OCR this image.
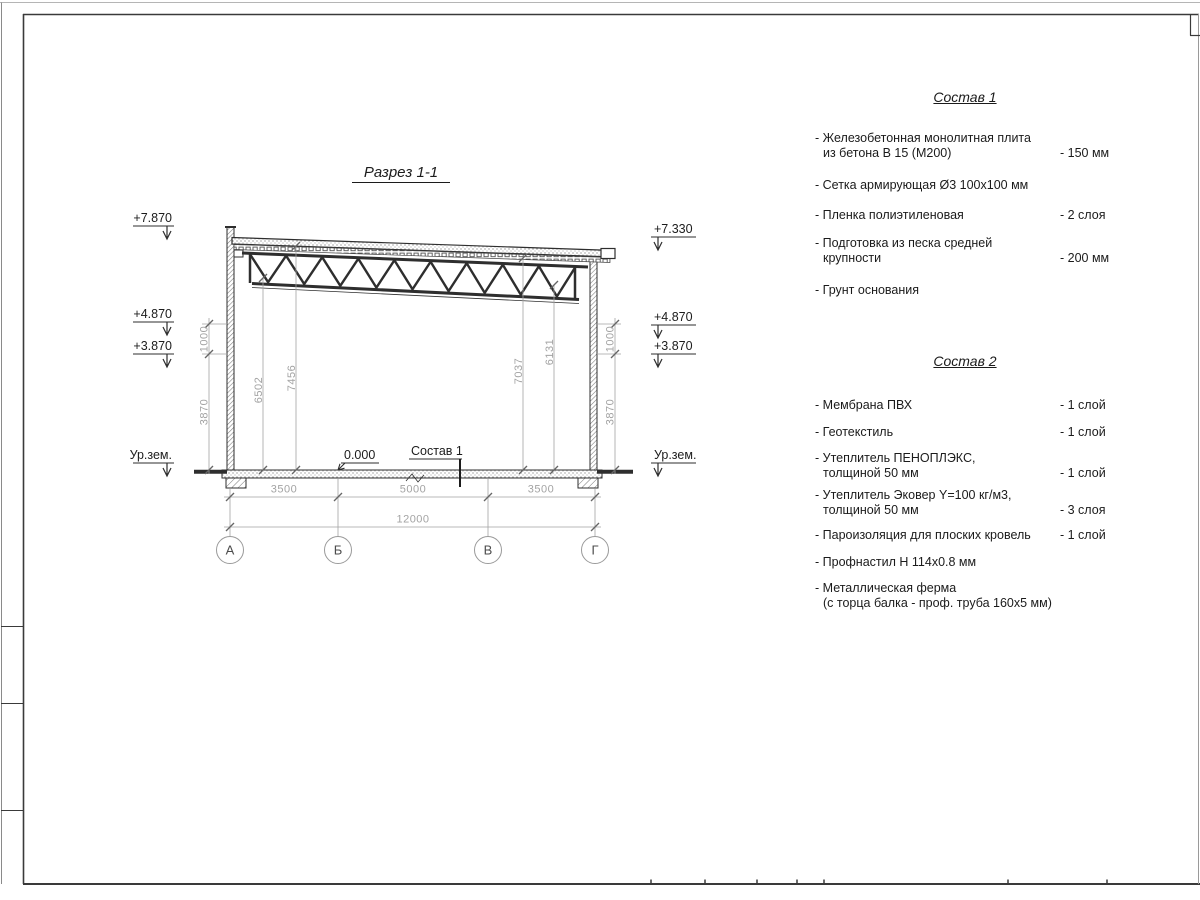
Разрез 1-1
1000
3870
1000
3870
6502 7456	7037
6131
3500	5000	3500
12000
А	Б	В	Г
+7.870
+4.870
+3.870
Ур.зем.
+7.330
+4.870
+3.870
Ур.зем.
0.000	Состав 1
Состав 1
- Железобетонная монолитная плита
из бетона В 15 (М200)	- 150 мм
- Сетка армирующая Ø3 100х100 мм
- Пленка полиэтиленовая	- 2 слоя
- Подготовка из песка средней
крупности	- 200 мм
- Грунт основания
Состав 2
- Мембрана ПВХ	- 1 слой
- Геотекстиль	- 1 слой
- Утеплитель ПЕНОПЛЭКС,
толщиной 50 мм	- 1 слой
- Утеплитель Эковер Y=100 кг/м3,
толщиной 50 мм	- 3 слоя
- Пароизоляция для плоских кровель - 1 слой
- Профнастил Н 114х0.8 мм
- Металлическая ферма
(с торца балка - проф. труба 160х5 мм)
